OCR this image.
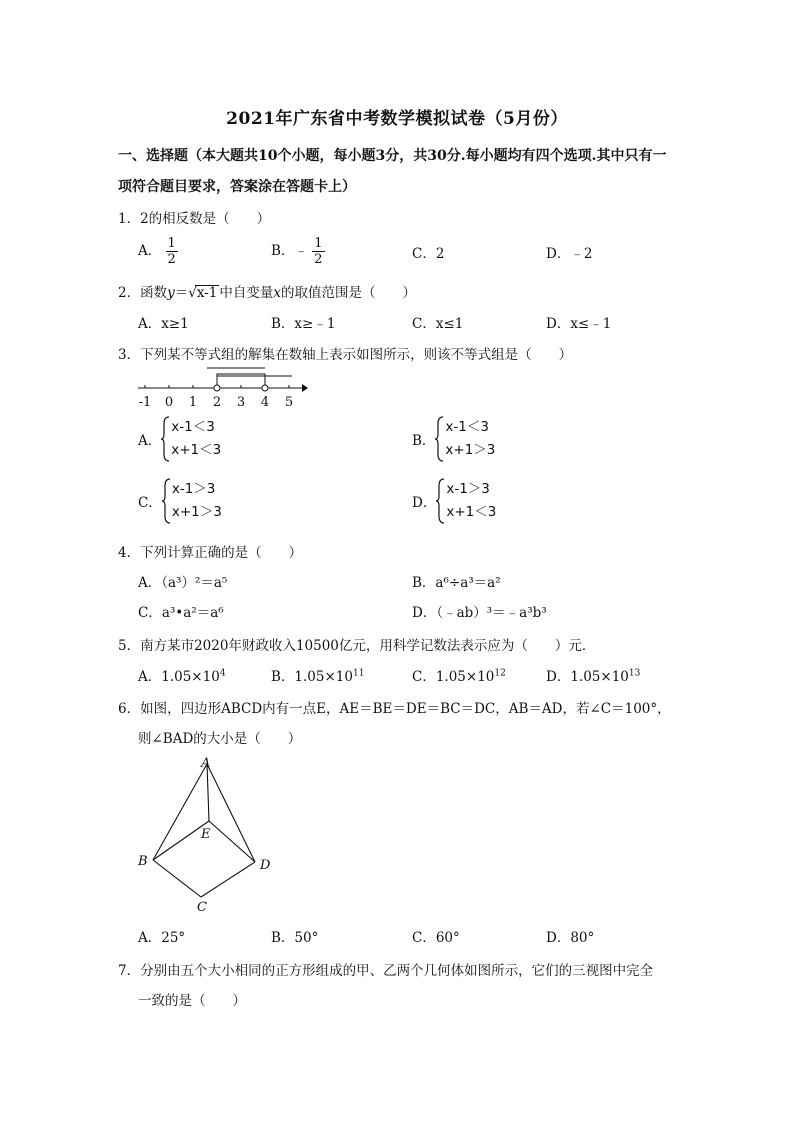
2021年广东省中考数学模拟试卷（5月份）
一、选择题（本大题共10个小题，每小题3分，共30分.每小题均有四个选项.其中只有一
项符合题目要求，答案涂在答题卡上）
1．2的相反数是（　　）
A． $\frac{1}{2}$	B．﹣ $\frac{1}{2}$	C．2	D．﹣2
2．函数y＝√x-1 中自变量x的取值范围是（　　）
A．x≥1	B．x≥﹣1	C．x≤1	D．x≤﹣1
3．下列某不等式组的解集在数轴上表示如图所示，则该不等式组是（　　）
-1 0 1 2 3 4 5
A．
x-1＜3
x+1＜3
B．
x-1＜3
x+1＞3
C．
x-1＞3
x+1＞3
D．
x-1＞3
x+1＜3
4．下列计算正确的是（　　）
A．（a³）²＝a⁵	B．a⁶÷a³＝a²
C．a³•a²＝a⁶	D．（﹣ab）³＝﹣a³b³
5．南方某市2020年财政收入10500亿元，用科学记数法表示应为（　　）元．
A．$1.05\times 10^4$	B．$1.05\times 10^{11}$	C．$1.05\times 10^{12}$	D．$1.05\times 10^{13}$
6．如图，四边形ABCD内有一点E，AE＝BE＝DE＝BC＝DC，AB＝AD，若∠C＝100°，
则∠BAD的大小是（　　）
A
B
C
D
E
A．25°	B．50°	C．60°	D．80°
7．分别由五个大小相同的正方形组成的甲、乙两个几何体如图所示，它们的三视图中完全
一致的是（　　）
